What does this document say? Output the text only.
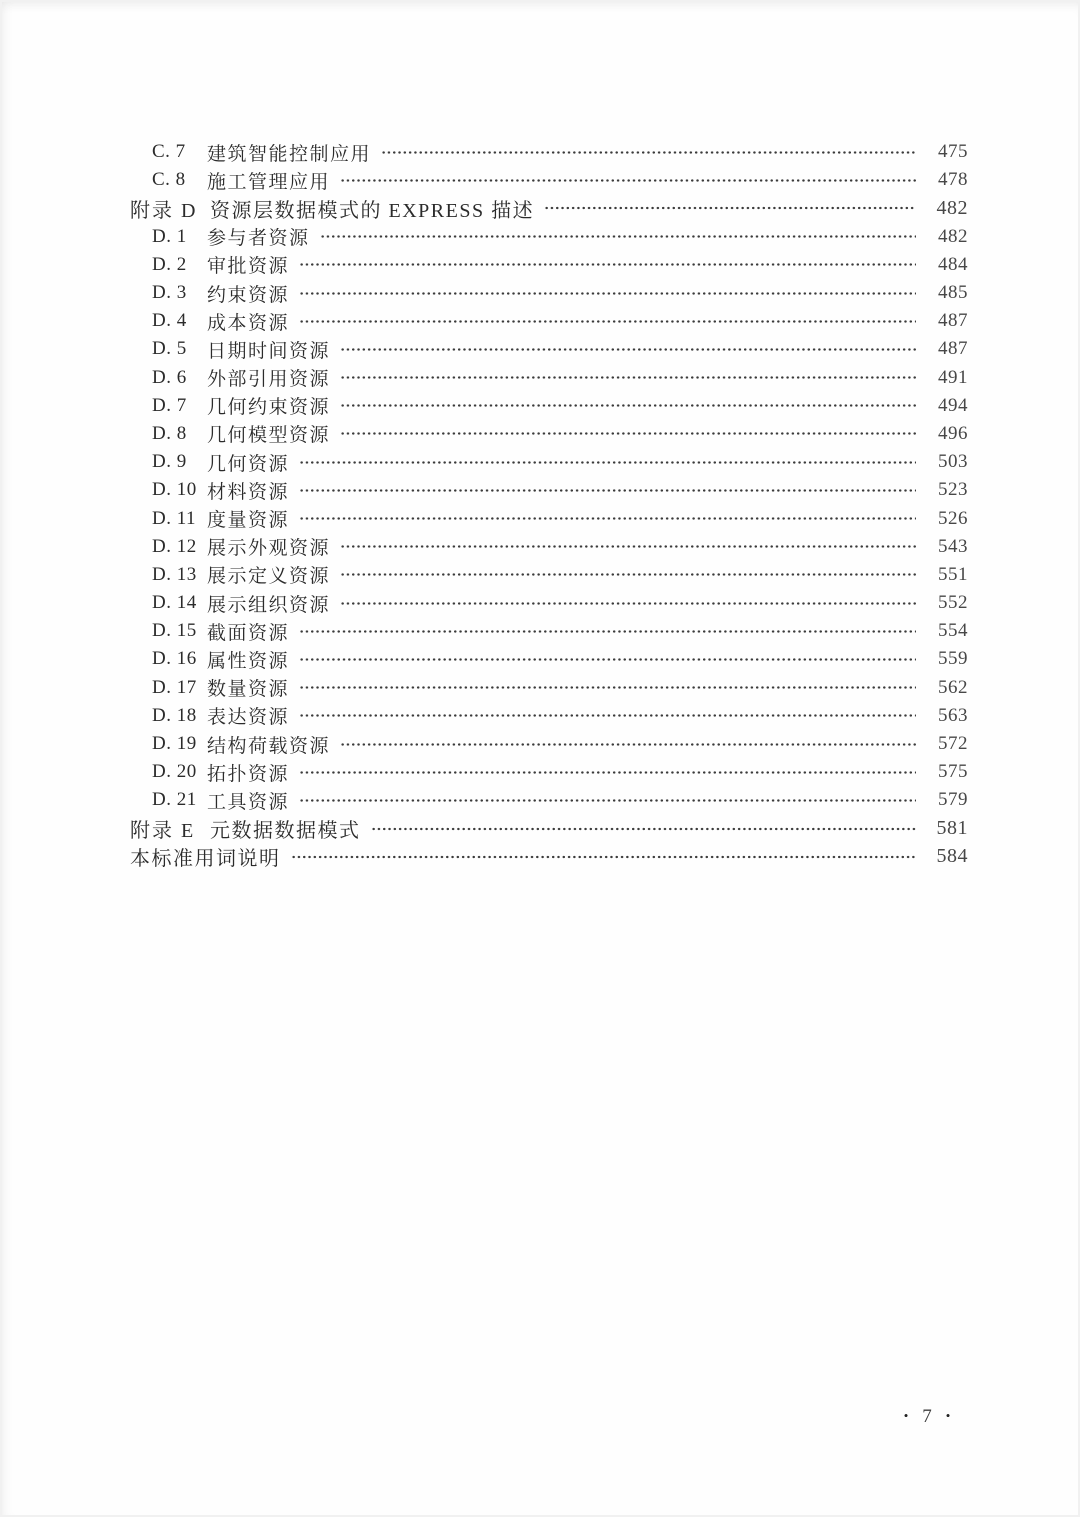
C. 7	建筑智能控制应用	475
C. 8	施工管理应用	478
附录 D 资源层数据模式的 EXPRESS 描述	482
D. 1	参与者资源	482
D. 2	审批资源	484
D. 3	约束资源	485
D. 4	成本资源	487
D. 5	日期时间资源	487
D. 6	外部引用资源	491
D. 7	几何约束资源	494
D. 8	几何模型资源	496
D. 9	几何资源	503
D. 10 材料资源	523
D. 11 度量资源	526
D. 12 展示外观资源	543
D. 13 展示定义资源	551
D. 14 展示组织资源	552
D. 15 截面资源	554
D. 16 属性资源	559
D. 17 数量资源	562
D. 18 表达资源	563
D. 19 结构荷载资源	572
D. 20 拓扑资源	575
D. 21 工具资源	579
附录 E 元数据数据模式	581
本标准用词说明	584
• 7 •
